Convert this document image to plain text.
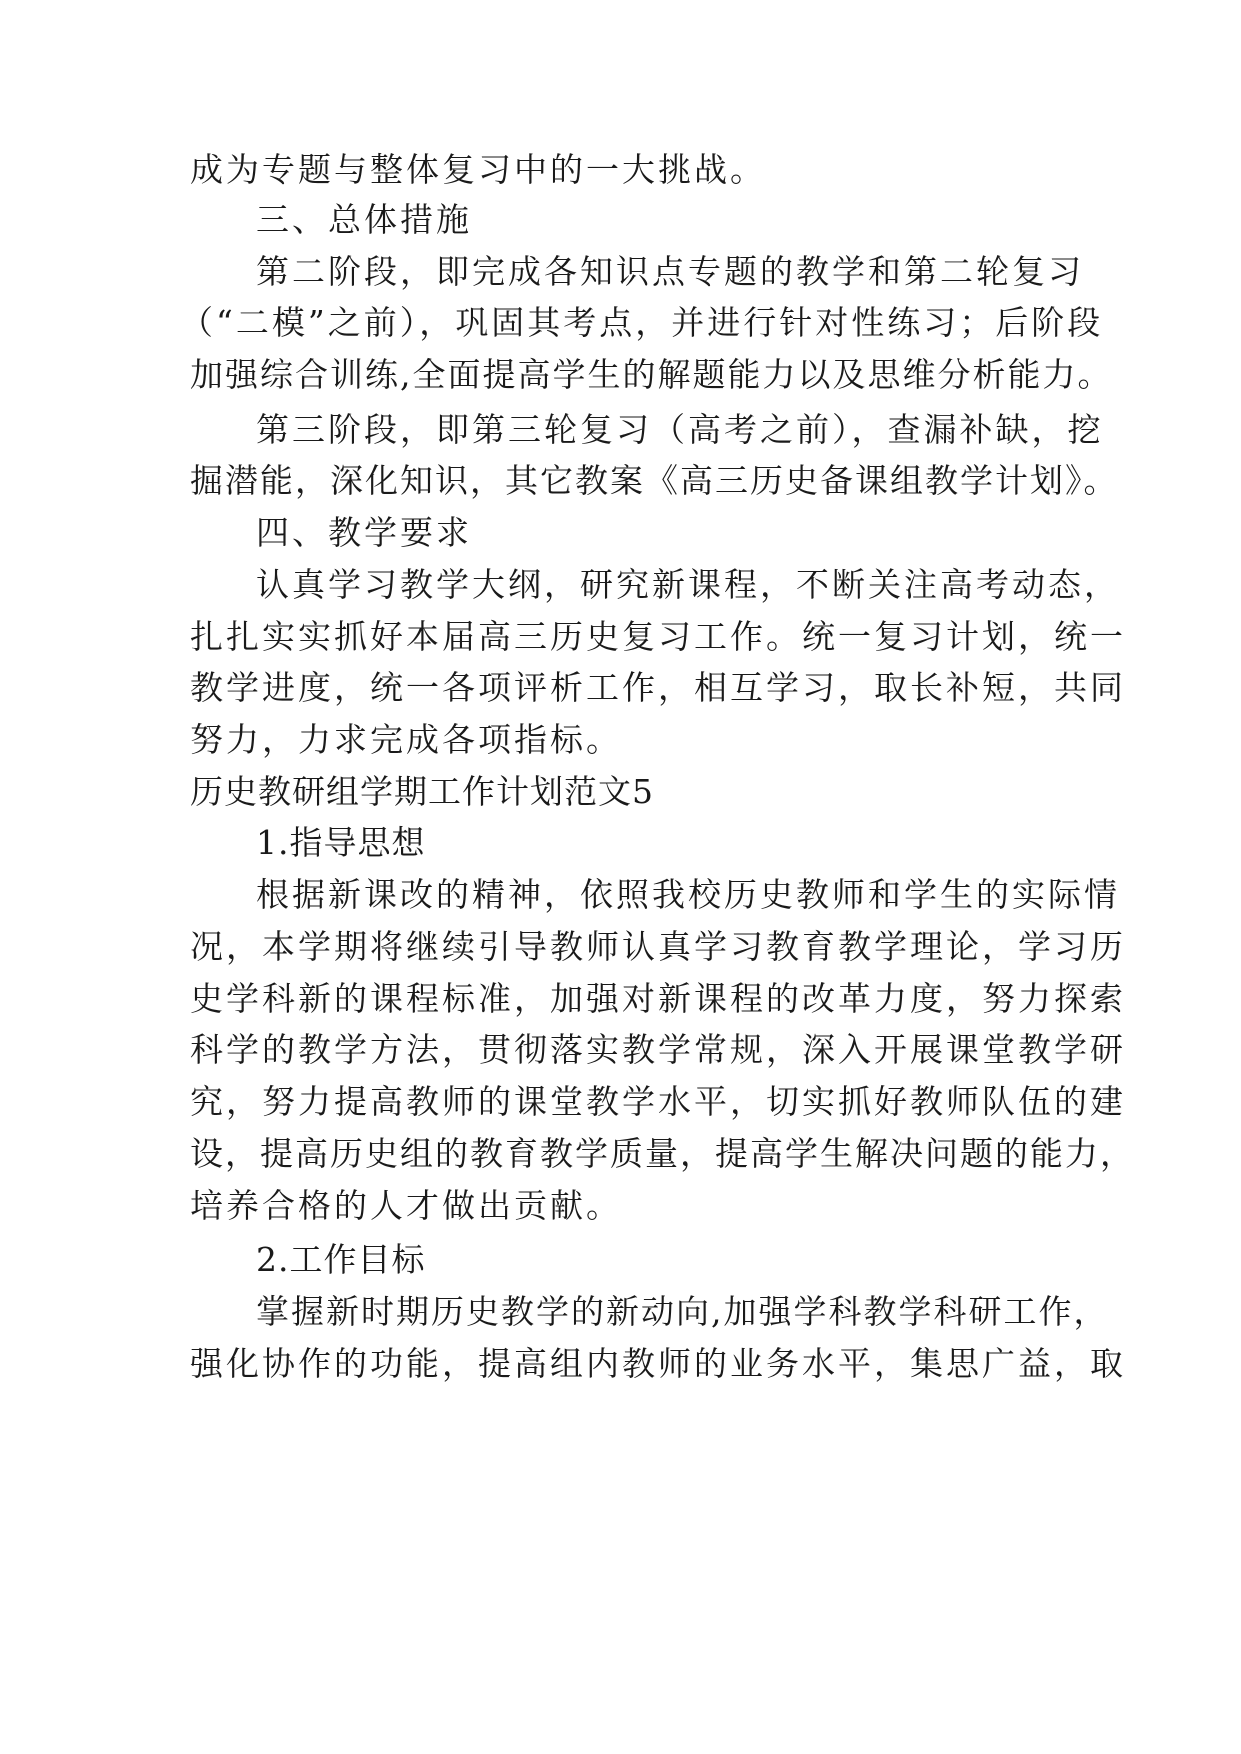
成为专题与整体复习中的一大挑战。
三、总体措施
第二阶段，即完成各知识点专题的教学和第二轮复习
（“二模”之前），巩固其考点，并进行针对性练习；后阶段
加强综合训练,全面提高学生的解题能力以及思维分析能力。
第三阶段，即第三轮复习（高考之前），查漏补缺，挖
掘潜能，深化知识，其它教案《高三历史备课组教学计划》。
四、教学要求
认真学习教学大纲，研究新课程，不断关注高考动态，
扎扎实实抓好本届高三历史复习工作。统一复习计划，统一
教学进度，统一各项评析工作，相互学习，取长补短，共同
努力，力求完成各项指标。
历史教研组学期工作计划范文5
1.指导思想
根据新课改的精神，依照我校历史教师和学生的实际情
况，本学期将继续引导教师认真学习教育教学理论，学习历
史学科新的课程标准，加强对新课程的改革力度，努力探索
科学的教学方法，贯彻落实教学常规，深入开展课堂教学研
究，努力提高教师的课堂教学水平，切实抓好教师队伍的建
设，提高历史组的教育教学质量，提高学生解决问题的能力，
培养合格的人才做出贡献。
2.工作目标
掌握新时期历史教学的新动向,加强学科教学科研工作，
强化协作的功能，提高组内教师的业务水平，集思广益，取
